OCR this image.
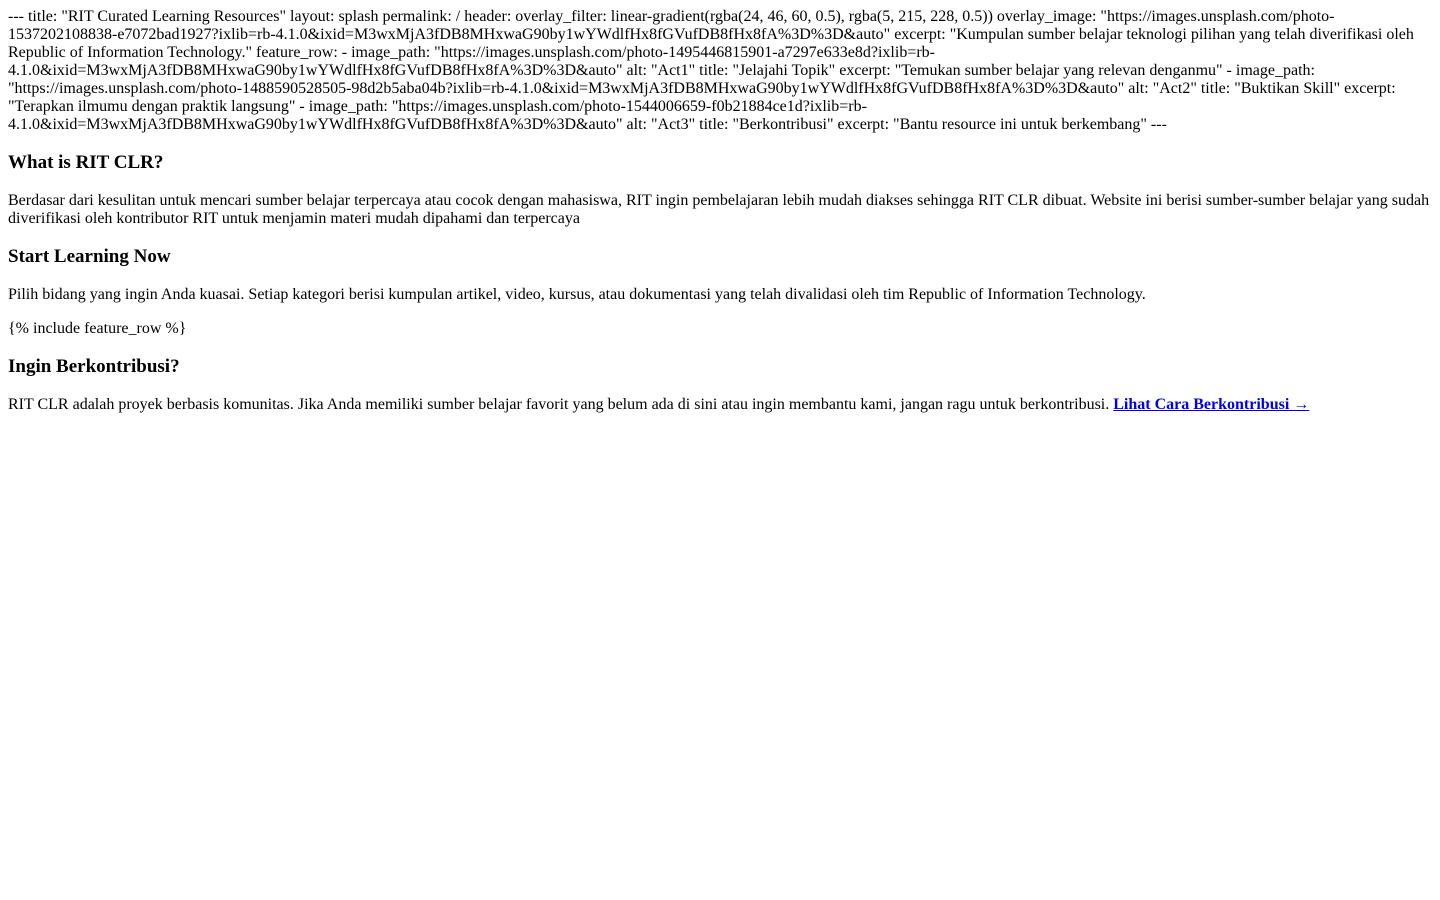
--- title: "RIT Curated Learning Resources" layout: splash permalink: / header: overlay_filter: linear-gradient(rgba(24, 46, 60, 0.5), rgba(5, 215, 228, 0.5)) overlay_image: "https://images.unsplash.com/photo-1537202108838-e7072bad1927?ixlib=rb-4.1.0&ixid=M3wxMjA3fDB8MHxwaG90by1wYWdlfHx8fGVufDB8fHx8fA%3D%3D&auto" excerpt: "Kumpulan sumber belajar teknologi pilihan yang telah diverifikasi oleh Republic of Information Technology." feature_row: - image_path: "https://images.unsplash.com/photo-1495446815901-a7297e633e8d?ixlib=rb-4.1.0&ixid=M3wxMjA3fDB8MHxwaG90by1wYWdlfHx8fGVufDB8fHx8fA%3D%3D&auto" alt: "Act1" title: "Jelajahi Topik" excerpt: "Temukan sumber belajar yang relevan denganmu" - image_path: "https://images.unsplash.com/photo-1488590528505-98d2b5aba04b?ixlib=rb-4.1.0&ixid=M3wxMjA3fDB8MHxwaG90by1wYWdlfHx8fGVufDB8fHx8fA%3D%3D&auto" alt: "Act2" title: "Buktikan Skill" excerpt: "Terapkan ilmumu dengan praktik langsung" - image_path: "https://images.unsplash.com/photo-1544006659-f0b21884ce1d?ixlib=rb-4.1.0&ixid=M3wxMjA3fDB8MHxwaG90by1wYWdlfHx8fGVufDB8fHx8fA%3D%3D&auto" alt: "Act3" title: "Berkontribusi" excerpt: "Bantu resource ini untuk berkembang" ---

What is RIT CLR?

Berdasar dari kesulitan untuk mencari sumber belajar terpercaya atau cocok dengan mahasiswa, RIT ingin pembelajaran lebih mudah diakses sehingga RIT CLR dibuat. Website ini berisi sumber-sumber belajar yang sudah diverifikasi oleh kontributor RIT untuk menjamin materi mudah dipahami dan terpercaya

Start Learning Now

Pilih bidang yang ingin Anda kuasai. Setiap kategori berisi kumpulan artikel, video, kursus, atau dokumentasi yang telah divalidasi oleh tim Republic of Information Technology.

{% include feature_row %}

Ingin Berkontribusi?

RIT CLR adalah proyek berbasis komunitas. Jika Anda memiliki sumber belajar favorit yang belum ada di sini atau ingin membantu kami, jangan ragu untuk berkontribusi. Lihat Cara Berkontribusi →
